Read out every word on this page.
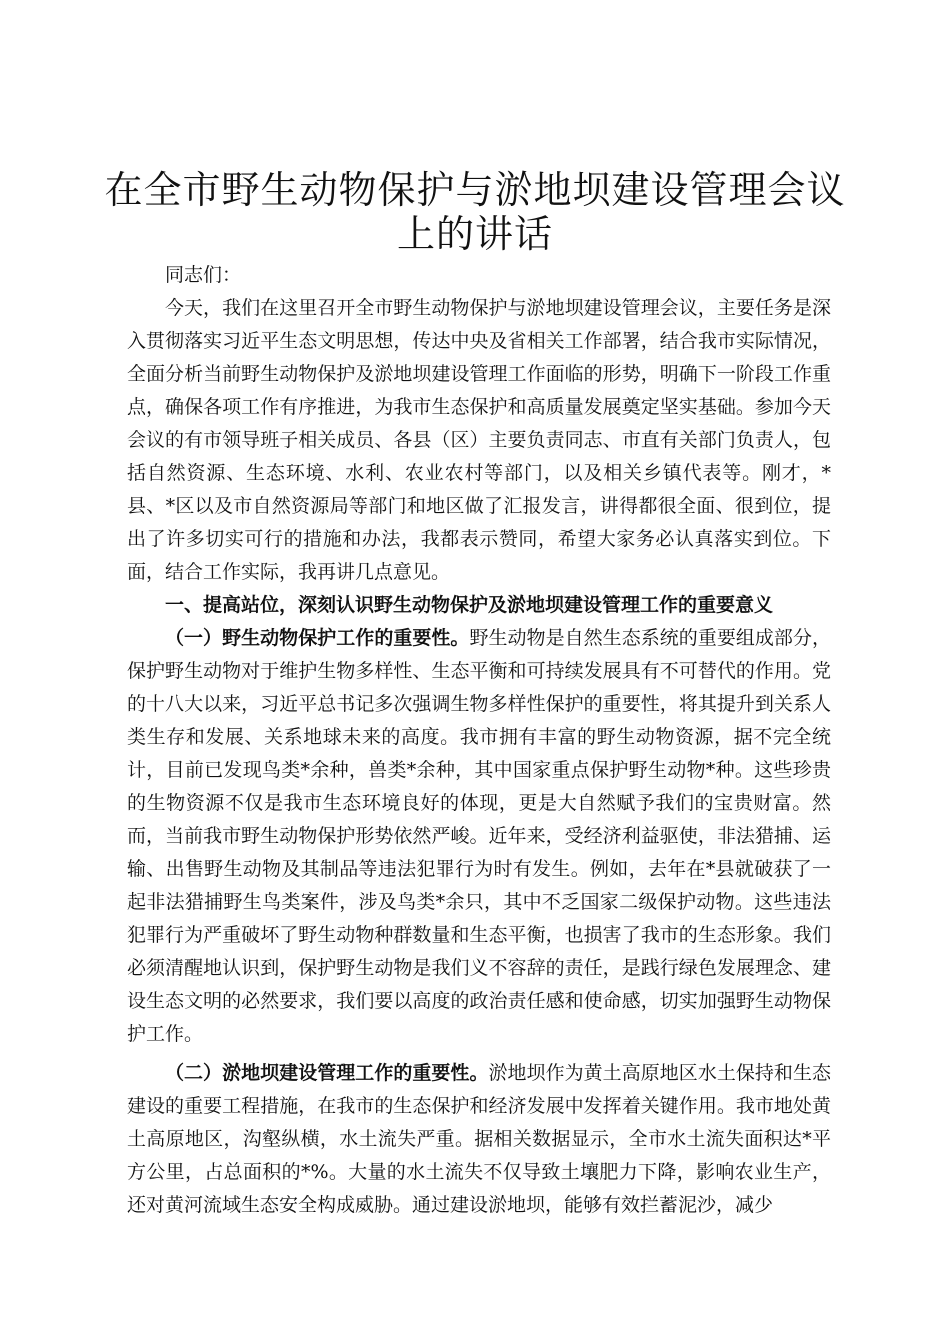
在全市野生动物保护与淤地坝建设管理会议上的讲话

同志们：

今天，我们在这里召开全市野生动物保护与淤地坝建设管理会议，主要任务是深入贯彻落实习近平生态文明思想，传达中央及省相关工作部署，结合我市实际情况，全面分析当前野生动物保护及淤地坝建设管理工作面临的形势，明确下一阶段工作重点，确保各项工作有序推进，为我市生态保护和高质量发展奠定坚实基础。参加今天会议的有市领导班子相关成员、各县（区）主要负责同志、市直有关部门负责人，包括自然资源、生态环境、水利、农业农村等部门，以及相关乡镇代表等。刚才，*县、*区以及市自然资源局等部门和地区做了汇报发言，讲得都很全面、很到位，提出了许多切实可行的措施和办法，我都表示赞同，希望大家务必认真落实到位。下面，结合工作实际，我再讲几点意见。

一、提高站位，深刻认识野生动物保护及淤地坝建设管理工作的重要意义

（一）野生动物保护工作的重要性。野生动物是自然生态系统的重要组成部分，保护野生动物对于维护生物多样性、生态平衡和可持续发展具有不可替代的作用。党的十八大以来，习近平总书记多次强调生物多样性保护的重要性，将其提升到关系人类生存和发展、关系地球未来的高度。我市拥有丰富的野生动物资源，据不完全统计，目前已发现鸟类*余种，兽类*余种，其中国家重点保护野生动物*种。这些珍贵的生物资源不仅是我市生态环境良好的体现，更是大自然赋予我们的宝贵财富。然而，当前我市野生动物保护形势依然严峻。近年来，受经济利益驱使，非法猎捕、运输、出售野生动物及其制品等违法犯罪行为时有发生。例如，去年在*县就破获了一起非法猎捕野生鸟类案件，涉及鸟类*余只，其中不乏国家二级保护动物。这些违法犯罪行为严重破坏了野生动物种群数量和生态平衡，也损害了我市的生态形象。我们必须清醒地认识到，保护野生动物是我们义不容辞的责任，是践行绿色发展理念、建设生态文明的必然要求，我们要以高度的政治责任感和使命感，切实加强野生动物保护工作。

（二）淤地坝建设管理工作的重要性。淤地坝作为黄土高原地区水土保持和生态建设的重要工程措施，在我市的生态保护和经济发展中发挥着关键作用。我市地处黄土高原地区，沟壑纵横，水土流失严重。据相关数据显示，全市水土流失面积达*平方公里，占总面积的*%。大量的水土流失不仅导致土壤肥力下降，影响农业生产，还对黄河流域生态安全构成威胁。通过建设淤地坝，能够有效拦蓄泥沙，减少
